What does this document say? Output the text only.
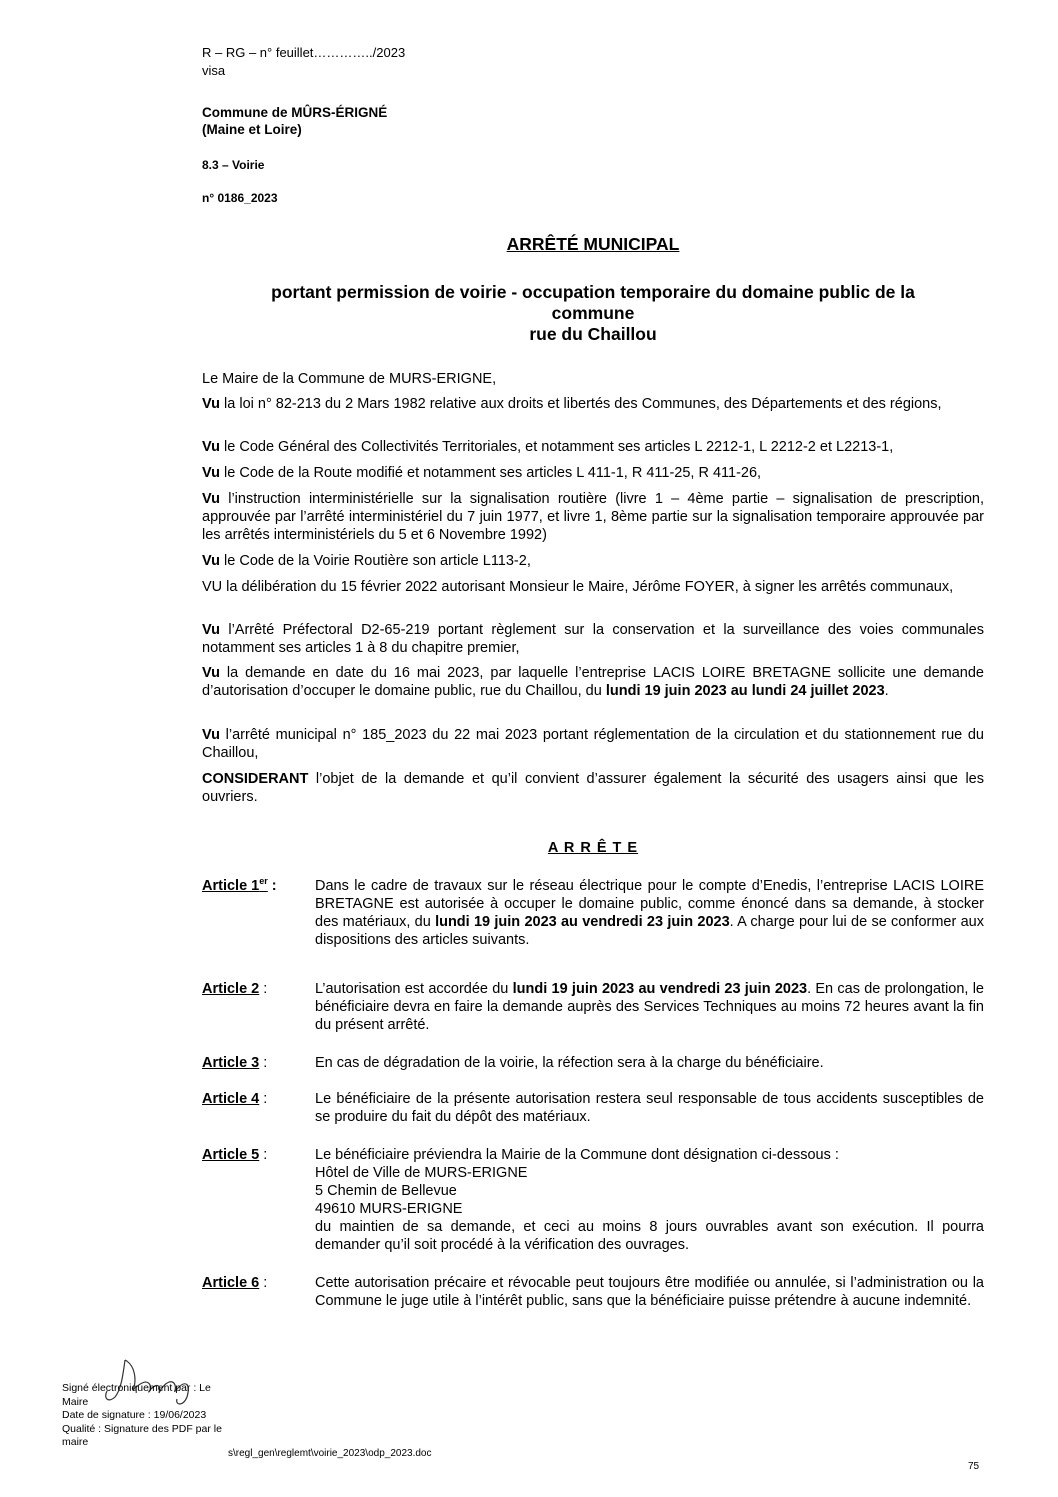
R – RG – n° feuillet…………../2023
visa
Commune de MÛRS-ÉRIGNÉ
(Maine et Loire)
8.3 – Voirie
n° 0186_2023
ARRÊTÉ MUNICIPAL
portant permission de voirie - occupation temporaire du domaine public de la
commune
rue du Chaillou
Le Maire de la Commune de MURS-ERIGNE,
Vu la loi n° 82-213 du 2 Mars 1982 relative aux droits et libertés des Communes, des Départements et des régions,
Vu le Code Général des Collectivités Territoriales, et notamment ses articles L 2212-1, L 2212-2 et L2213-1,
Vu le Code de la Route modifié et notamment ses articles L 411-1, R 411-25, R 411-26,
Vu l’instruction interministérielle sur la signalisation routière (livre 1 – 4ème partie – signalisation de prescription, approuvée par l’arrêté interministériel du 7 juin 1977, et livre 1, 8ème partie sur la signalisation temporaire approuvée par les arrêtés interministériels du 5 et 6 Novembre 1992)
Vu le Code de la Voirie Routière son article L113-2,
VU la délibération du 15 février 2022 autorisant Monsieur le Maire, Jérôme FOYER, à signer les arrêtés communaux,
Vu l’Arrêté Préfectoral D2-65-219 portant règlement sur la conservation et la surveillance des voies communales notamment ses articles 1 à 8 du chapitre premier,
Vu la demande en date du 16 mai 2023, par laquelle l’entreprise LACIS LOIRE BRETAGNE sollicite une demande d’autorisation d’occuper le domaine public, rue du Chaillou, du lundi 19 juin 2023 au lundi 24 juillet 2023.
Vu l’arrêté municipal n° 185_2023 du 22 mai 2023 portant réglementation de la circulation et du stationnement rue du Chaillou,
CONSIDERANT l’objet de la demande et qu’il convient d’assurer également la sécurité des usagers ainsi que les ouvriers.
A R R Ê T E
Article 1er :	Dans le cadre de travaux sur le réseau électrique pour le compte d’Enedis, l’entreprise LACIS LOIRE BRETAGNE est autorisée à occuper le domaine public, comme énoncé dans sa demande, à stocker des matériaux, du lundi 19 juin 2023 au vendredi 23 juin 2023. A charge pour lui de se conformer aux dispositions des articles suivants.
Article 2 :	L’autorisation est accordée du lundi 19 juin 2023 au vendredi 23 juin 2023. En cas de prolongation, le bénéficiaire devra en faire la demande auprès des Services Techniques au moins 72 heures avant la fin du présent arrêté.
Article 3 :	En cas de dégradation de la voirie, la réfection sera à la charge du bénéficiaire.
Article 4 :	Le bénéficiaire de la présente autorisation restera seul responsable de tous accidents susceptibles de se produire du fait du dépôt des matériaux.
Article 5 :	Le bénéficiaire préviendra la Mairie de la Commune dont désignation ci-dessous :
Hôtel de Ville de MURS-ERIGNE
5 Chemin de Bellevue
49610 MURS-ERIGNE
du maintien de sa demande, et ceci au moins 8 jours ouvrables avant son exécution. Il pourra demander qu’il soit procédé à la vérification des ouvrages.
Article 6 :	Cette autorisation précaire et révocable peut toujours être modifiée ou annulée, si l’administration ou la Commune le juge utile à l’intérêt public, sans que la bénéficiaire puisse prétendre à aucune indemnité.
Signé électroniquement par : Le Maire
Date de signature : 19/06/2023
Qualité : Signature des PDF par le maire
s\regl_gen\reglemt\voirie_2023\odp_2023.doc
75
